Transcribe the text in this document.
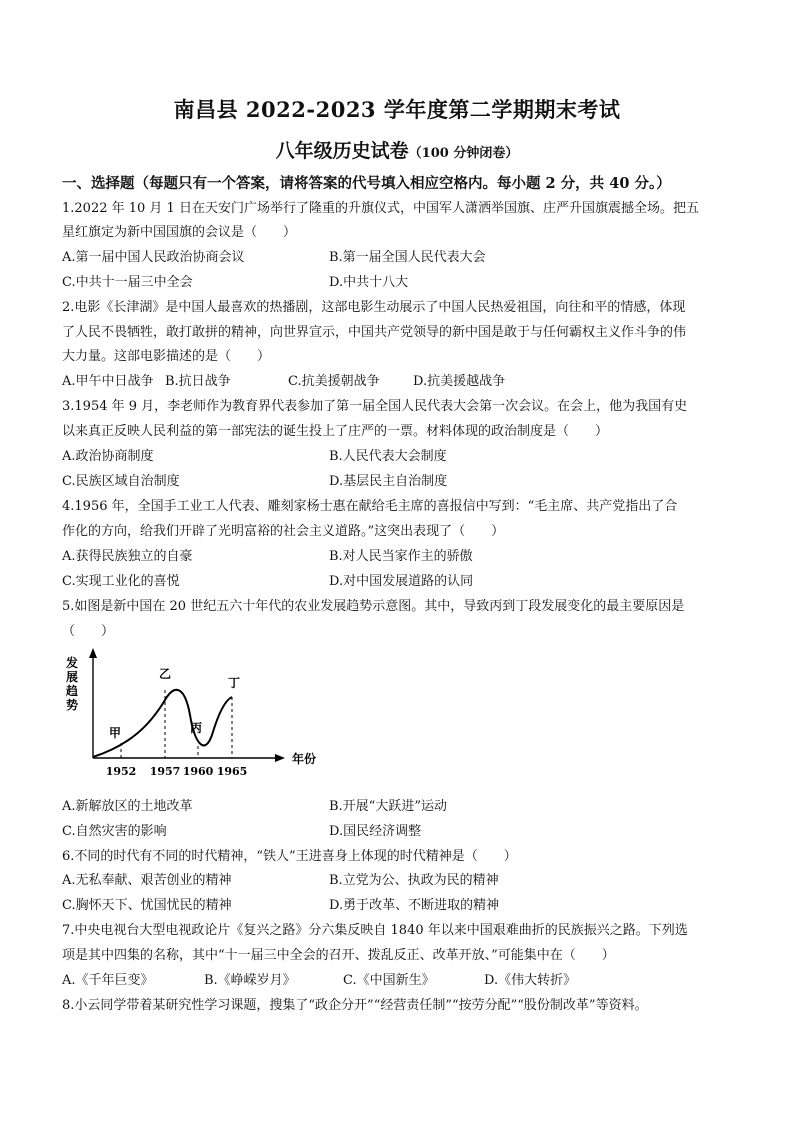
南昌县 2022-2023 学年度第二学期期末考试
八年级历史试卷（100 分钟闭卷）
一、选择题（每题只有一个答案，请将答案的代号填入相应空格内。每小题 2 分，共 40 分。）
1.2022 年 10 月 1 日在天安门广场举行了隆重的升旗仪式，中国军人潇洒举国旗、庄严升国旗震撼全场。把五
星红旗定为新中国国旗的会议是（　　）
A.第一届中国人民政治协商会议	B.第一届全国人民代表大会
C.中共十一届三中全会	D.中共十八大
2.电影《长津湖》是中国人最喜欢的热播剧，这部电影生动展示了中国人民热爱祖国，向往和平的情感，体现
了人民不畏牺牲，敢打敢拼的精神，向世界宣示，中国共产党领导的新中国是敢于与任何霸权主义作斗争的伟
大力量。这部电影描述的是（　　）
A.甲午中日战争 B.抗日战争	C.抗美援朝战争	D.抗美援越战争
3.1954 年 9 月，李老师作为教育界代表参加了第一届全国人民代表大会第一次会议。在会上，他为我国有史
以来真正反映人民利益的第一部宪法的诞生投上了庄严的一票。材料体现的政治制度是（　　）
A.政治协商制度	B.人民代表大会制度
C.民族区域自治制度	D.基层民主自治制度
4.1956 年，全国手工业工人代表、雕刻家杨士惠在献给毛主席的喜报信中写到：“毛主席、共产党指出了合
作化的方向，给我们开辟了光明富裕的社会主义道路。”这突出表现了（　　）
A.获得民族独立的自豪	B.对人民当家作主的骄傲
C.实现工业化的喜悦	D.对中国发展道路的认同
5.如图是新中国在 20 世纪五六十年代的农业发展趋势示意图。其中，导致丙到丁段发展变化的最主要原因是
（　　）
发
展
趋
势
年份
1952 1957 1960 1965
甲
乙
丙
丁
A.新解放区的土地改革	B.开展“大跃进”运动
C.自然灾害的影响	D.国民经济调整
6.不同的时代有不同的时代精神，“铁人”王进喜身上体现的时代精神是（　　）
A.无私奉献、艰苦创业的精神	B.立党为公、执政为民的精神
C.胸怀天下、忧国忧民的精神	D.勇于改革、不断进取的精神
7.中央电视台大型电视政论片《复兴之路》分六集反映自 1840 年以来中国艰难曲折的民族振兴之路。下列选
项是其中四集的名称，其中“十一届三中全会的召开、拨乱反正、改革开放、”可能集中在（　　）
A.《千年巨变》	B.《峥嵘岁月》	C.《中国新生》	D.《伟大转折》
8.小云同学带着某研究性学习课题，搜集了“政企分开”“经营责任制”“按劳分配”“股份制改革”等资料。
